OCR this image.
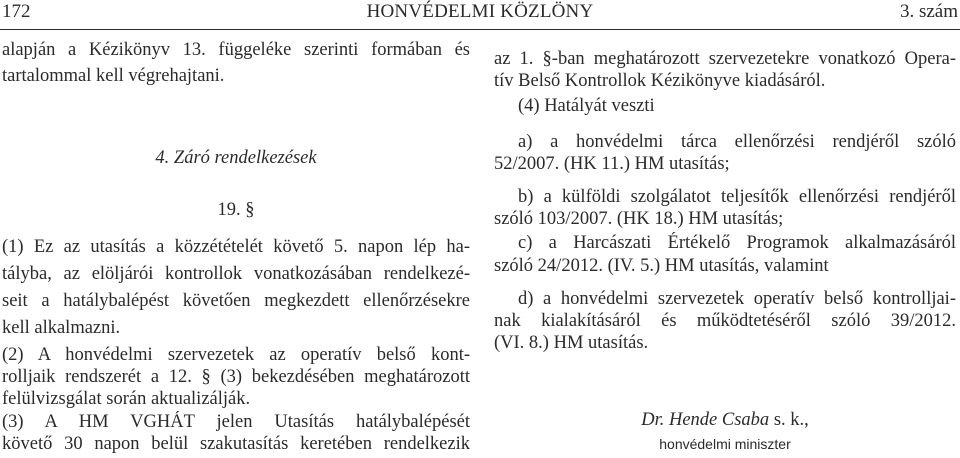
172	HONVÉDELMI KÖZLÖNY	3. szám
alapján a Kézikönyv 13. függeléke szerinti formában és
tartalommal kell végrehajtani.
4. Záró rendelkezések
19. §
(1) Ez az utasítás a közzétételét követő 5. napon lép ha-
tályba, az elöljárói kontrollok vonatkozásában rendelkezé-
seit a hatálybalépést követően megkezdett ellenőrzésekre
kell alkalmazni.
(2) A honvédelmi szervezetek az operatív belső kont-
rolljaik rendszerét a 12. § (3) bekezdésében meghatározott
felülvizsgálat során aktualizálják.
(3) A HM VGHÁT jelen Utasítás hatálybalépését
követő 30 napon belül szakutasítás keretében rendelkezik
az 1. §-ban meghatározott szervezetekre vonatkozó Opera-
tív Belső Kontrollok Kézikönyve kiadásáról.
(4) Hatályát veszti
a) a honvédelmi tárca ellenőrzési rendjéről szóló
52/2007. (HK 11.) HM utasítás;
b) a külföldi szolgálatot teljesítők ellenőrzési rendjéről
szóló 103/2007. (HK 18.) HM utasítás;
c) a Harcászati Értékelő Programok alkalmazásáról
szóló 24/2012. (IV. 5.) HM utasítás, valamint
d) a honvédelmi szervezetek operatív belső kontrolljai-
nak kialakításáról és működtetéséről szóló 39/2012.
(VI. 8.) HM utasítás.
Dr. Hende Csaba s. k.,
honvédelmi miniszter
